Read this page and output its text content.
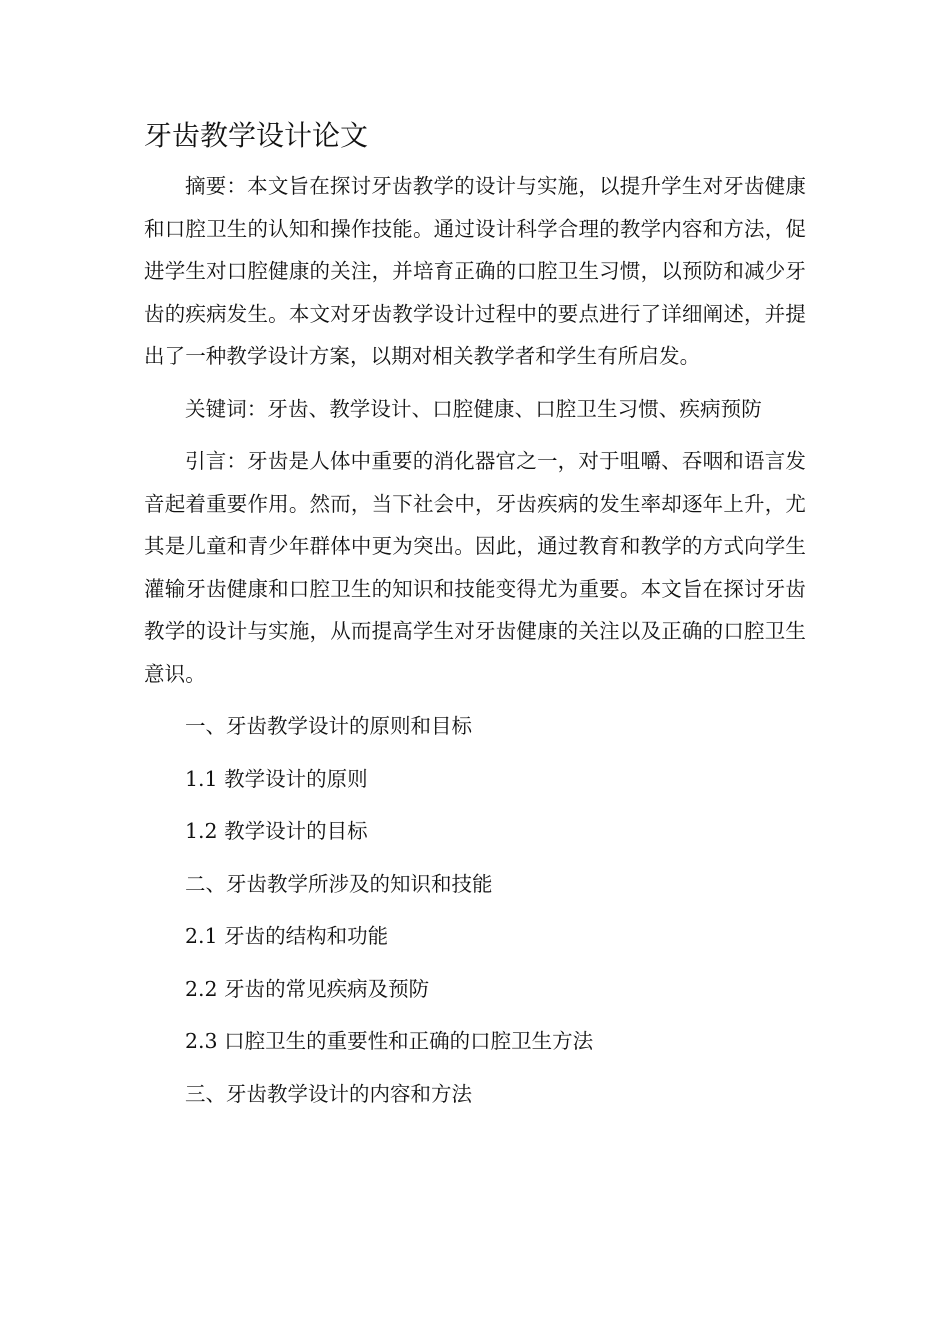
牙齿教学设计论文

摘要：本文旨在探讨牙齿教学的设计与实施，以提升学生对牙齿健康和口腔卫生的认知和操作技能。通过设计科学合理的教学内容和方法，促进学生对口腔健康的关注，并培育正确的口腔卫生习惯，以预防和减少牙齿的疾病发生。本文对牙齿教学设计过程中的要点进行了详细阐述，并提出了一种教学设计方案，以期对相关教学者和学生有所启发。

关键词：牙齿、教学设计、口腔健康、口腔卫生习惯、疾病预防

引言：牙齿是人体中重要的消化器官之一，对于咀嚼、吞咽和语言发音起着重要作用。然而，当下社会中，牙齿疾病的发生率却逐年上升，尤其是儿童和青少年群体中更为突出。因此，通过教育和教学的方式向学生灌输牙齿健康和口腔卫生的知识和技能变得尤为重要。本文旨在探讨牙齿教学的设计与实施，从而提高学生对牙齿健康的关注以及正确的口腔卫生意识。

一、牙齿教学设计的原则和目标

1.1 教学设计的原则

1.2 教学设计的目标

二、牙齿教学所涉及的知识和技能

2.1 牙齿的结构和功能

2.2 牙齿的常见疾病及预防

2.3 口腔卫生的重要性和正确的口腔卫生方法

三、牙齿教学设计的内容和方法
